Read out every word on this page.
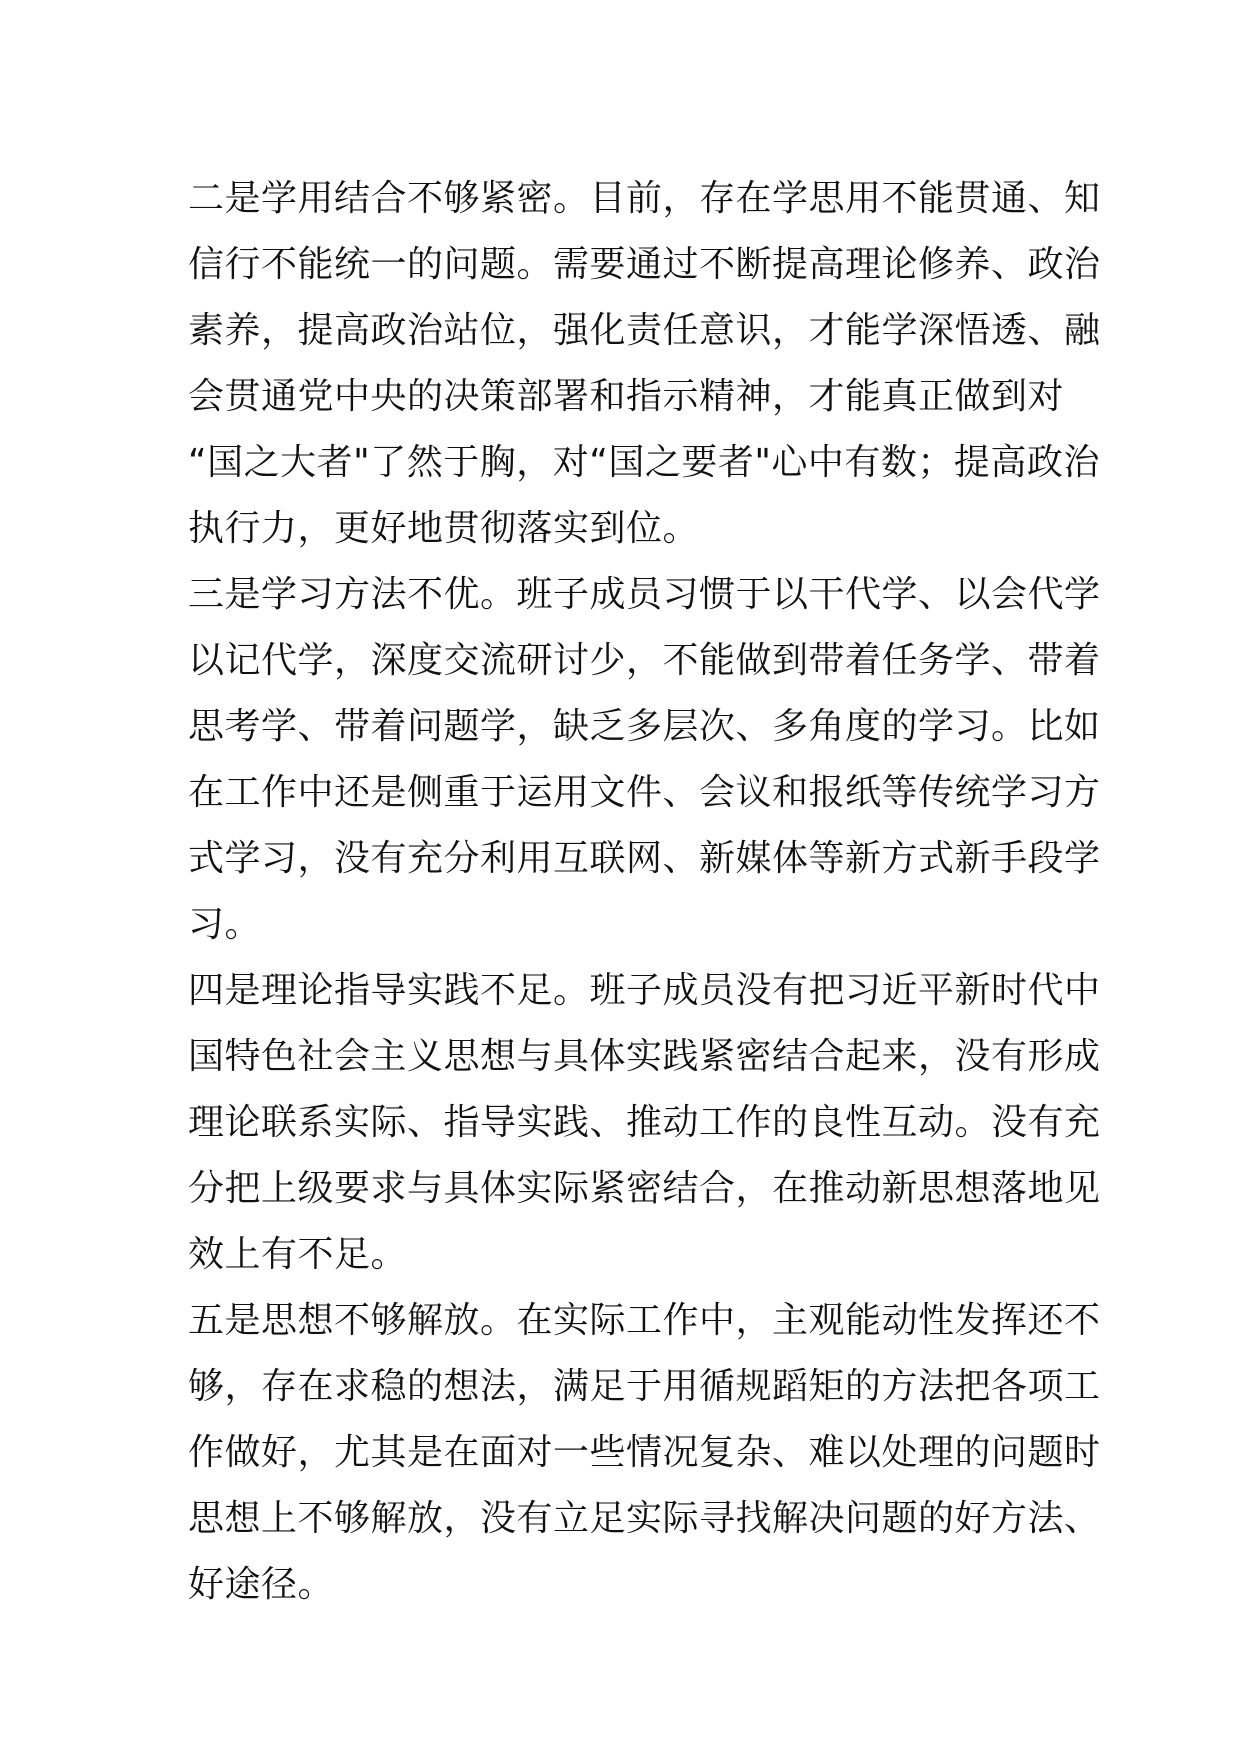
二是学用结合不够紧密。目前，存在学思用不能贯通、知
信行不能统一的问题。需要通过不断提高理论修养、政治
素养，提高政治站位，强化责任意识，才能学深悟透、融
会贯通党中央的决策部署和指示精神，才能真正做到对
“国之大者"了然于胸，对“国之要者"心中有数；提高政治
执行力，更好地贯彻落实到位。
三是学习方法不优。班子成员习惯于以干代学、以会代学
以记代学，深度交流研讨少，不能做到带着任务学、带着
思考学、带着问题学，缺乏多层次、多角度的学习。比如
在工作中还是侧重于运用文件、会议和报纸等传统学习方
式学习，没有充分利用互联网、新媒体等新方式新手段学
习。
四是理论指导实践不足。班子成员没有把习近平新时代中
国特色社会主义思想与具体实践紧密结合起来，没有形成
理论联系实际、指导实践、推动工作的良性互动。没有充
分把上级要求与具体实际紧密结合，在推动新思想落地见
效上有不足。
五是思想不够解放。在实际工作中，主观能动性发挥还不
够，存在求稳的想法，满足于用循规蹈矩的方法把各项工
作做好，尤其是在面对一些情况复杂、难以处理的问题时
思想上不够解放，没有立足实际寻找解决问题的好方法、
好途径。
